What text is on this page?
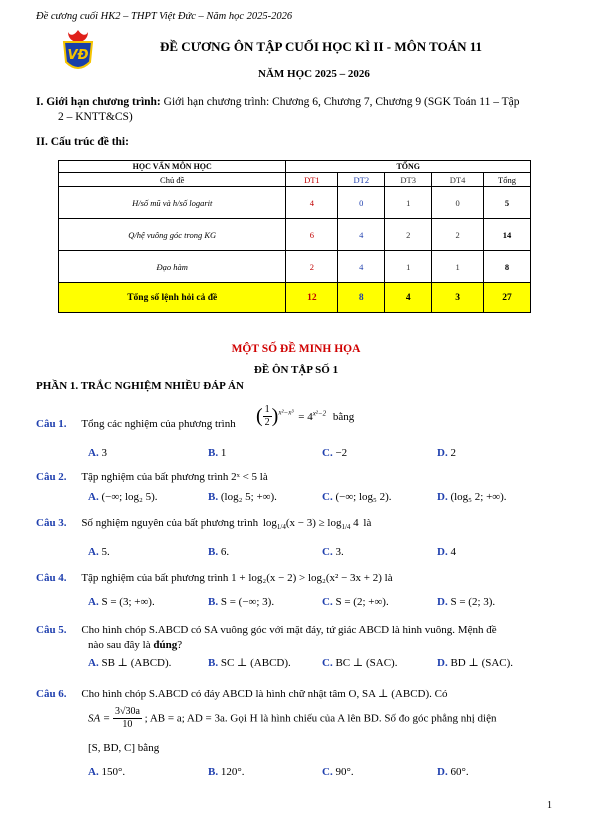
Đề cương cuối HK2 – THPT Việt Đức – Năm học 2025-2026
VĐ
ĐỀ CƯƠNG ÔN TẬP CUỐI HỌC KÌ II - MÔN TOÁN 11
NĂM HỌC 2025 – 2026
I. Giới hạn chương trình: Giới hạn chương trình: Chương 6, Chương 7, Chương 9 (SGK Toán 11 – Tập
2 – KNTT&CS)
II. Cấu trúc đề thi:
HỌC VẤN MÔN HỌC	TỔNG				
Chủ đề	DT1	DT2	DT3	DT4	Tổng
H/số mũ và h/số logarit	4	0	1	0	5
Q/hệ vuông góc trong KG	6	4	2	2	14
Đạo hàm	2	4	1	1	8
Tổng số lệnh hỏi cả đề	12	8	4	3	27
MỘT SỐ ĐỀ MINH HỌA
ĐỀ ÔN TẬP SỐ 1
PHẦN 1. TRẮC NGHIỆM NHIỀU ĐÁP ÁN
Câu 1. Tổng các nghiệm của phương trình ( $\frac{1}{2} )^{x^2-x^3} = 4^{x^2-2}$ bằng
A. 3	B. 1	C. −2	D. 2
Câu 2. Tập nghiệm của bất phương trình 2ˣ < 5 là
A. (−∞; log₂ 5).	B. (log₂ 5; +∞).	C. (−∞; log₅ 2).	D. (log₅ 2; +∞).
Câu 3. Số nghiệm nguyên của bất phương trình $\log_{1/4}(x - 3) \ge \log_{1/4} 4$ là
A. 5.	B. 6.	C. 3.	D. 4
Câu 4. Tập nghiệm của bất phương trình 1 + log₂(x − 2) > log₂(x² − 3x + 2) là
A. S = (3; +∞).	B. S = (−∞; 3).	C. S = (2; +∞).	D. S = (2; 3).
Câu 5. Cho hình chóp S.ABCD có SA vuông góc với mặt đáy, tứ giác ABCD là hình vuông. Mệnh đề
nào sau đây là đúng?
A. SB ⊥ (ABCD).	B. SC ⊥ (ABCD).	C. BC ⊥ (SAC).	D. BD ⊥ (SAC).
Câu 6. Cho hình chóp S.ABCD có đáy ABCD là hình chữ nhật tâm O, SA ⊥ (ABCD). Có
SA = $\frac{3√30a}{10}$ ; AB = a; AD = 3a. Gọi H là hình chiếu của A lên BD. Số đo góc phẳng nhị diện
[S, BD, C] bằng
A. 150°.	B. 120°.	C. 90°.	D. 60°.
1
